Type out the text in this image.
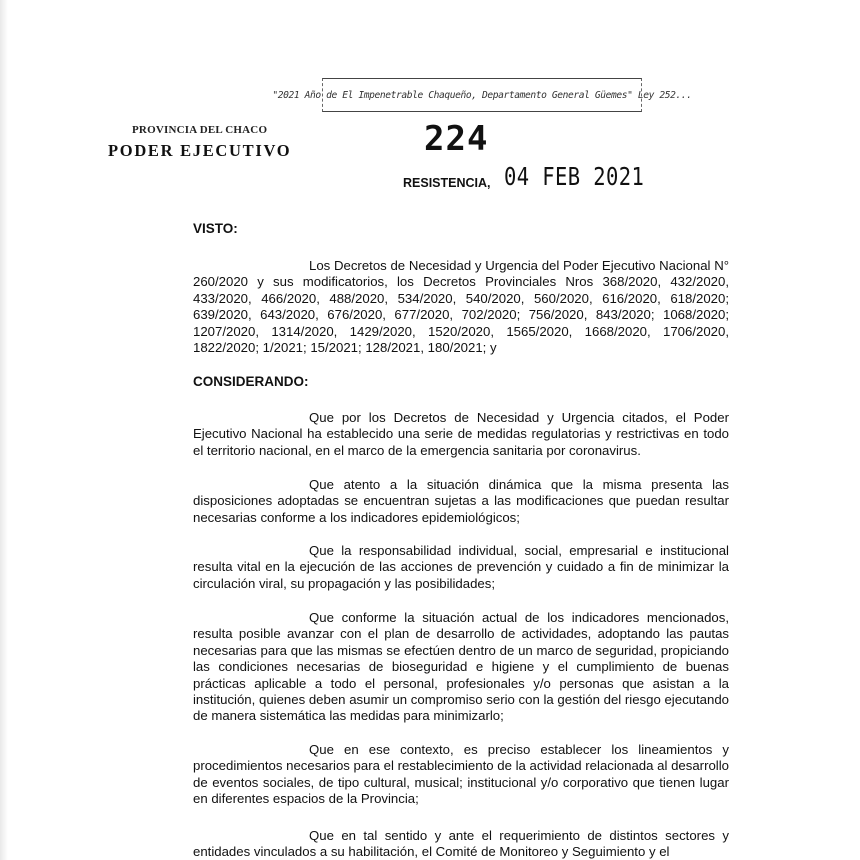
"2021 Año de El Impenetrable Chaqueño, Departamento General Güemes" Ley 252...
PROVINCIA DEL CHACO
PODER EJECUTIVO	224
RESISTENCIA, 04 FEB 2021
VISTO:
Los Decretos de Necesidad y Urgencia del Poder Ejecutivo Nacional N° 260/2020 y sus modificatorios, los Decretos Provinciales Nros 368/2020, 432/2020, 433/2020, 466/2020, 488/2020, 534/2020, 540/2020, 560/2020, 616/2020, 618/2020; 639/2020, 643/2020, 676/2020, 677/2020, 702/2020; 756/2020, 843/2020; 1068/2020; 1207/2020, 1314/2020, 1429/2020, 1520/2020, 1565/2020, 1668/2020, 1706/2020, 1822/2020; 1/2021; 15/2021; 128/2021, 180/2021; y
CONSIDERANDO:
Que por los Decretos de Necesidad y Urgencia citados, el Poder Ejecutivo Nacional ha establecido una serie de medidas regulatorias y restrictivas en todo el territorio nacional, en el marco de la emergencia sanitaria por coronavirus.
Que atento a la situación dinámica que la misma presenta las disposiciones adoptadas se encuentran sujetas a las modificaciones que puedan resultar necesarias conforme a los indicadores epidemiológicos;
Que la responsabilidad individual, social, empresarial e institucional resulta vital en la ejecución de las acciones de prevención y cuidado a fin de minimizar la circulación viral, su propagación y las posibilidades;
Que conforme la situación actual de los indicadores mencionados, resulta posible avanzar con el plan de desarrollo de actividades, adoptando las pautas necesarias para que las mismas se efectúen dentro de un marco de seguridad, propiciando las condiciones necesarias de bioseguridad e higiene y el cumplimiento de buenas prácticas aplicable a todo el personal, profesionales y/o personas que asistan a la institución, quienes deben asumir un compromiso serio con la gestión del riesgo ejecutando de manera sistemática las medidas para minimizarlo;
Que en ese contexto, es preciso establecer los lineamientos y procedimientos necesarios para el restablecimiento de la actividad relacionada al desarrollo de eventos sociales, de tipo cultural, musical; institucional y/o corporativo que tienen lugar en diferentes espacios de la Provincia;
Que en tal sentido y ante el requerimiento de distintos sectores y entidades vinculados a su habilitación, el Comité de Monitoreo y Seguimiento y el
